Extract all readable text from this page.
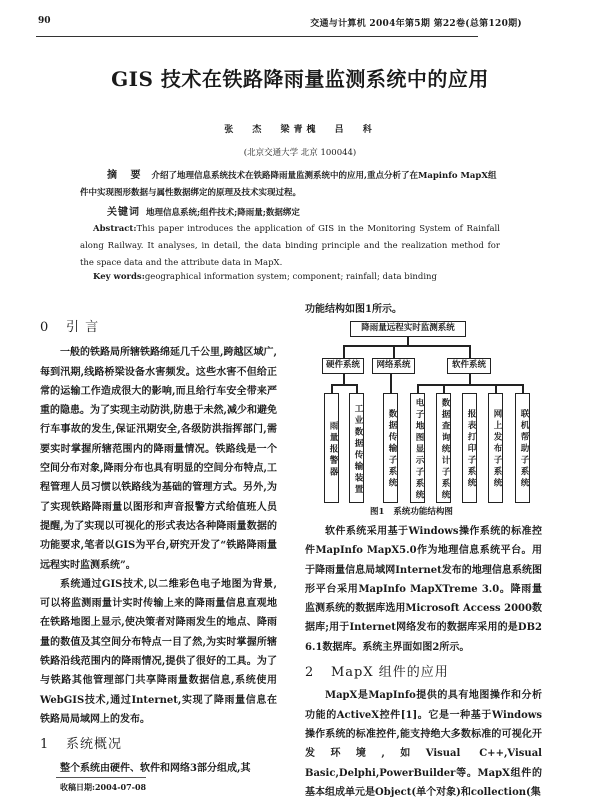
90	交通与计算机 2004年第5期 第22卷(总第120期)
GIS 技术在铁路降雨量监测系统中的应用
张 杰 梁青槐 吕 科
(北京交通大学 北京 100044)
摘 要 介绍了地理信息系统技术在铁路降雨量监测系统中的应用,重点分析了在Mapinfo MapX组件中实现图形数据与属性数据绑定的原理及技术实现过程。
关键词 地理信息系统;组件技术;降雨量;数据绑定
Abstract:This paper introduces the application of GIS in the Monitoring System of Rainfall along Railway. It analyses, in detail, the data binding principle and the realization method for the space data and the attribute data in MapX.
Key words:geographical information system; component; rainfall; data binding

0 引 言

一般的铁路局所辖铁路绵延几千公里,跨越区域广,每到汛期,线路桥梁设备水害频发。这些水害不但给正常的运输工作造成很大的影响,而且给行车安全带来严重的隐患。为了实现主动防洪,防患于未然,减少和避免行车事故的发生,保证汛期安全,各级防洪指挥部门,需要实时掌握所辖范围内的降雨量情况。铁路线是一个空间分布对象,降雨分布也具有明显的空间分布特点,工程管理人员习惯以铁路线为基础的管理方式。另外,为了实现铁路降雨量以图形和声音报警方式给值班人员提醒,为了实现以可视化的形式表达各种降雨量数据的功能要求,笔者以GIS为平台,研究开发了“铁路降雨量远程实时监测系统”。

系统通过GIS技术,以二维彩色电子地图为背景,可以将监测雨量计实时传输上来的降雨量信息直观地在铁路地图上显示,使决策者对降雨发生的地点、降雨量的数值及其空间分布特点一目了然,为实时掌握所辖铁路沿线范围内的降雨情况,提供了很好的工具。为了与铁路其他管理部门共享降雨量数据信息,系统使用WebGIS技术,通过Internet,实现了降雨量信息在铁路局局域网上的发布。

1 系统概况

整个系统由硬件、软件和网络3部分组成,其

收稿日期:2004-07-08
功能结构如图1所示。
降雨量远程实时监测系统
硬件系统	网络系统	软件系统
雨量报警器	工业数据传输装置	数据传输子系统	电子地图显示子系统	数据查询统计子系统	报表打印子系统	网上发布子系统	联机帮助子系统
图1 系统功能结构图

软件系统采用基于Windows操作系统的标准控件MapInfo MapX5.0作为地理信息系统平台。用于降雨量信息局域网Internet发布的地理信息系统图形平台采用MapInfo MapXTreme 3.0。降雨量监测系统的数据库选用Microsoft Access 2000数据库;用于Internet网络发布的数据库采用的是DB2 6.1数据库。系统主界面如图2所示。

2 MapX 组件的应用

MapX是MapInfo提供的具有地图操作和分析功能的ActiveX控件[1]。它是一种基于Windows操作系统的标准控件,能支持绝大多数标准的可视化开发环境,如Visual C++,Visual Basic,Delphi,PowerBuilder等。MapX组件的基本组成单元是Object(单个对象)和collection(集
